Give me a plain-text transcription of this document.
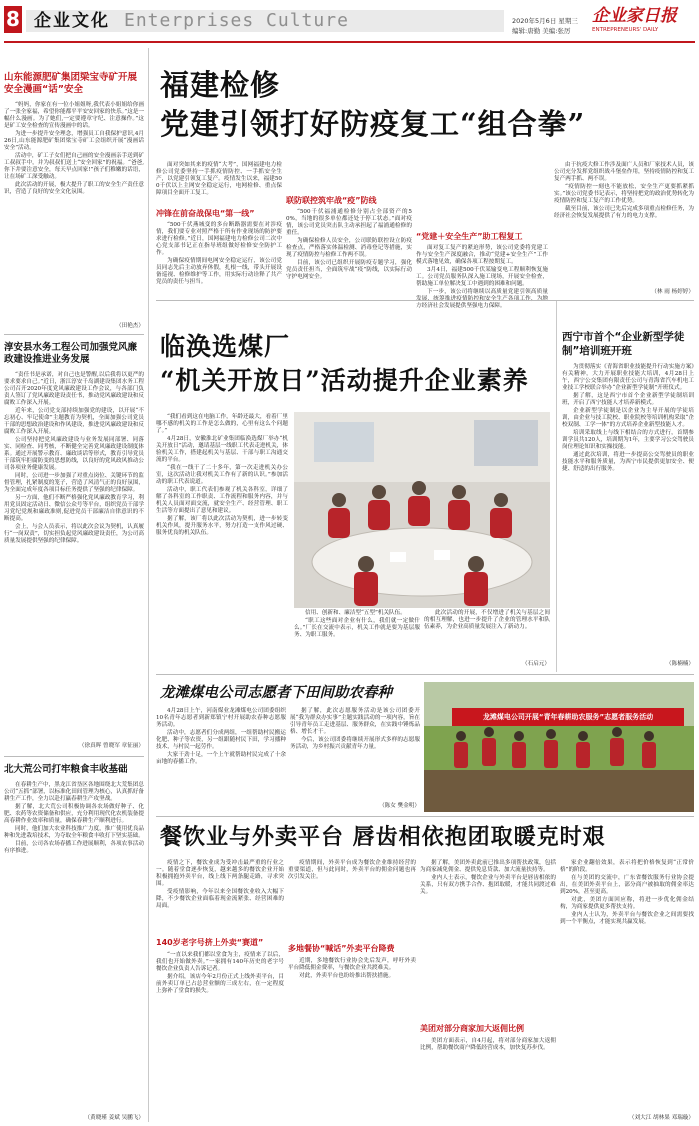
8 企业文化 Enterprises Culture	2020年5月6日 星期三
编辑:唐勤 美编:张厉
企业家日报
ENTREPRENEURS' DAILY
山东能源肥矿集团梁宝寺矿开展安全漫画“话”安全

“妈妈，你家在有一位小姐姐呀,我代表小姐姐给你画了一张全家福，希望你能都平平安安回家的快乐。”这是一幅什么漫画。为了她们,一定要遵章守纪、注意操作。”这是矿工安全检查的宣传漫画中的话。

为进一步提升安全理念，增强员工自我保护意识,4月26日,山东能源肥矿集团梁宝寺矿工会组织开展“漫画话安全”活动。

活动中，矿工子女们把自己画的安全漫画亲手送到矿工叔叔手中，并为叔叔们送上“安全回家”的祝福。“爸爸,你下井要注意安全，每天早点回家!”孩子们稚嫩的话语，让在场矿工深受触动。

此次活动的开展，极大提升了职工的安全生产责任意识，营造了良好的安全文化氛围。

（田艳杰）
淳安县水务工程公司加强党风廉政建设推进业务发展

“责任书是承诺，对自己也是警醒,以后我将以更严的要求要求自己。”近日，浙江淳安千岛湖建设集团水务工程公司召开2020年度党风廉政建设工作会议，与各部门负责人签订了党风廉政建设责任书，推动党风廉政建设和反腐败工作深入开展。

近年来，公司党支部持续加强党的建设，以开展“不忘初心、牢记使命”主题教育为契机，全面加强公司党员干部的思想政治建设和作风建设，推进党风廉政建设和反腐败工作深入开展。

公司坚持把党风廉政建设与业务发展同部署、同落实、同检查、同考核，不断健全完善党风廉政建设制度体系。通过开展警示教育、廉政谈话等形式，教育引导党员干部筑牢拒腐防变的思想防线，以良好的党风政风推动公司各项业务健康发展。

同时，公司进一步加强了对重点岗位、关键环节的监督管理，扎紧制度的笼子，营造了风清气正的良好氛围，为全面完成年度各项目标任务提供了坚强的纪律保障。

另一方面，他们不断严格强化党风廉政教育学习，利用党员固定活动日、微信公众号等平台，组织党员干部学习党纪党规和廉政准则,促进党员干部廉洁自律意识的不断提高。

会上，与会人员表示，将以此次会议为契机，认真履行“一岗双责”，切实担负起党风廉政建设责任，为公司高质量发展提供坚强的纪律保障。

（徐真晖 曾晓军 章征丽）
北大荒公司打牢粮食丰收基础

在春耕生产中，黑龙江省垦区各地围绕北大荒集团总公司“五抓”部署，以标准化田间管理为核心，认真抓好备耕生产工作，全力以赴打赢春耕生产攻坚战。

据了解，北大荒公司积极协调各农场做好种子、化肥、农药等农资储备和供应，充分利用现代化农机装备提高春耕作业效率和质量，确保春耕生产顺利进行。

同时，他们加大农业科技推广力度，推广使用优良品种和先进栽培技术，为夺取全年粮食丰收打下坚实基础。

目前，公司各农场春播工作进展顺利，各项农事活动有序推进。

（黄晓瑾 姜斌 吴鹏飞）
福建检修
党建引领打好防疫复工“组合拳”

面对突如其来的疫情“大考”，国网福建电力检修公司党委坚持一手抓疫情防控、一手抓安全生产，以党建引领复工复产。疫情发生以来，福建500千伏以上主网安全稳定运行，电网检修、重点保障项目全面开工复工。

冲锋在前奋战保电“第一线”

“500千伏燕城变的多台断路器需要在对涉疫情，我们要专业对照严格于所有作业现场的防护要求进行检修。”近日，国网福建电力检修公司二次中心党支部书记正在指导班组做好检修安全防护工作。

为确保疫情期间电网安全稳定运行，该公司党员同志先后主动放弃休假，扎根一线，带头开展设备巡视、检修维护等工作，用实际行动诠释了共产党员的责任与担当。

联防联控筑牢战“疫”防线

“500千伏福浦通检修分别占全部资产的50%，当地的很多单位都还处于停工状态。”面对疫情，该公司党员突击队主动承担起了福浦通检修的重任。

为确保检修人员安全，公司联防联控设立防疫检查点，严格落实体温检测、消毒登记等措施，实现了疫情防控与检修工作两不误。

目前，该公司已组织开展防疫专题学习，强化党员责任担当，全面筑牢战“疫”防线，以实际行动守护电网安全。

“党建＋安全生产”助工程复工

面对复工复产的紧迫形势，该公司党委将党建工作与安全生产深度融合，推动“党建+安全生产”工作模式落地见效，确保各项工程按期复工。

3月4日，福建500千伏某输变电工程顺利恢复施工。公司党员服务队深入施工现场，开展安全检查，帮助施工单位解决复工中遇到的困难和问题。

下一步，该公司将继续以高质量党建引领高质量发展，统筹推进疫情防控和安全生产各项工作，为地方经济社会发展提供坚强电力保障。

由于抗疫大修工作涉及面广人员和厂家技术人员，该公司充分发挥党组织战斗堡垒作用，坚持疫情防控和复工复产两手抓、两不误。

“疫情防控一刻也不能放松，安全生产更要抓紧抓实。”该公司党委书记表示，将坚持把党的政治优势转化为疫情防控和复工复产的工作优势。

截至目前，该公司已先后完成多项重点检修任务，为经济社会恢复发展提供了有力的电力支撑。

（林 雨 杨婷婷）
临涣选煤厂
“机关开放日”活动提升企业素养

“我们看到这在电脑工作，年龄还最大，看着厂里哪不感的机关的工作是怎么做的，心里有这么个问题了。”

4月28日，安徽淮北矿业集团临涣选煤厂举办“机关开放日”活动，邀请基层一线职工代表走进机关，体验机关工作，搭建起机关与基层、干部与职工沟通交流的平台。

“我在一线干了二十多年，第一次走进机关办公室，这次活动让我对机关工作有了新的认识。”参加活动的职工代表说道。

活动中，职工代表们参观了机关各科室，详细了解了各科室的工作职责、工作流程和服务内容，并与机关人员面对面交流，就安全生产、经营管理、职工生活等方面提出了意见和建议。

据了解，该厂将以此次活动为契机，进一步转变机关作风，提升服务水平，努力打造一支作风过硬、服务优良的机关队伍。

信用、创新和、廉洁型“五型”机关队伍。

“职工这些面对企业有什么，我们就一定做什么。”厂长在交流中表示，机关工作就是要为基层服务、为职工服务。

此次活动的开展，不仅增进了机关与基层之间的相互理解，也进一步提升了企业的管理水平和队伍素养，为企业高质量发展注入了新动力。

（石启元）
西宁市首个“企业新型学徒制”培训班开班

为贯彻落实《青海省职业技能提升行动实施方案》有关精神，大力开展职业技能大培训，4月28日上午，西宁公交集团有限责任公司与青海省汽车机电工业技工学校联合举办“企业新型学徒制”开班仪式。

据了解，这是西宁市首个企业新型学徒制培训班，开启了西宁技能人才培养新模式。

企业新型学徒制是以企业为主导开展的学徒培训，由企业与技工院校、职业院校等培训机构采取“企校双制、工学一体”的方式培养企业新型技能人才。

培训采取线上与线下相结合的方式进行，首期参训学员共120人，培训期为1年，主要学习公交驾驶员岗位理论知识和实操技能。

通过此次培训，将进一步提高公交驾驶员的职业技能水平和服务质量，为西宁市民提供更加安全、便捷、舒适的出行服务。

（陈楠楠）
龙滩煤电公司志愿者下田间助农春种

4月28日上午，河南煤业龙滩煤电公司团委组织10名青年志愿者到新郑镇宁村开展助农春种志愿服务活动。

活动中，志愿者们分成两组，一组帮助村民搬运化肥、种子等农资，另一组跟随村民下田，学习播种技术，与村民一起劳作。

大家干劲十足，一个上午就帮助村民完成了十余亩地的春播工作。

据了解，此次志愿服务活动是该公司团委开展“我为群众办实事”主题实践活动的一项内容，旨在引导青年员工走进基层、服务群众，在实践中锤炼品格、增长才干。

今后，该公司团委将继续开展形式多样的志愿服务活动，为乡村振兴贡献青年力量。

（陈女 樊金明）
龙滩煤电公司开展“青年春耕助农服务”志愿者服务活动
餐饮业与外卖平台 唇齿相依抱团取暖克时艰

疫情之下，餐饮业成为受冲击最严重的行业之一。随着堂食逐步恢复，越来越多的餐饮企业开始积极拥抱外卖平台，线上线下两条腿走路，寻求突围。

受疫情影响，今年以来全国餐饮业收入大幅下降，不少餐饮企业面临着现金流紧张、经营困难的局面。

140岁老字号挤上外卖“赛道”

“一直以来我们都以堂食为主，疫情来了以后，我们也开始做外卖。”一家拥有140年历史的老字号餐饮企业负责人告诉记者。

据介绍，该店今年2月份正式上线外卖平台，目前外卖订单已占总营业额的三成左右，在一定程度上弥补了堂食的损失。

疫情期间，外卖平台成为餐饮企业维持经营的重要渠道，但与此同时，外卖平台的佣金问题也再次引发关注。

多地餐协“喊话”外卖平台降费

近期，多地餐饮行业协会先后发声，呼吁外卖平台降低佣金费率，与餐饮企业共渡难关。

对此，外卖平台也纷纷推出帮扶措施。

据了解，美团外卖此前已推出多项帮扶政策，包括为商家减免佣金、提供免息贷款、加大流量扶持等。

业内人士表示，餐饮企业与外卖平台是唇齿相依的关系，只有双方携手合作、抱团取暖，才能共同渡过难关。

美团对部分商家加大返佣比例

美团方面表示，自4月起，将对部分商家加大返佣比例，帮助餐饮商户降低经营成本，加快复苏步伐。

家企业翻倍效果，表示将把价格恢复到“正常价格”的阶段。

在与美团的交流中，广东省餐饮服务行业协会提出，在美团外卖平台上，部分商户被抽取的佣金率达到20%，甚至更高。

对此，美团方面回应称，将进一步优化佣金结构，为商家提供更多帮扶支持。

业内人士认为，外卖平台与餐饮企业之间需要找到一个平衡点，才能实现共赢发展。

（刘大江 胡林果 邓瑞璇）
